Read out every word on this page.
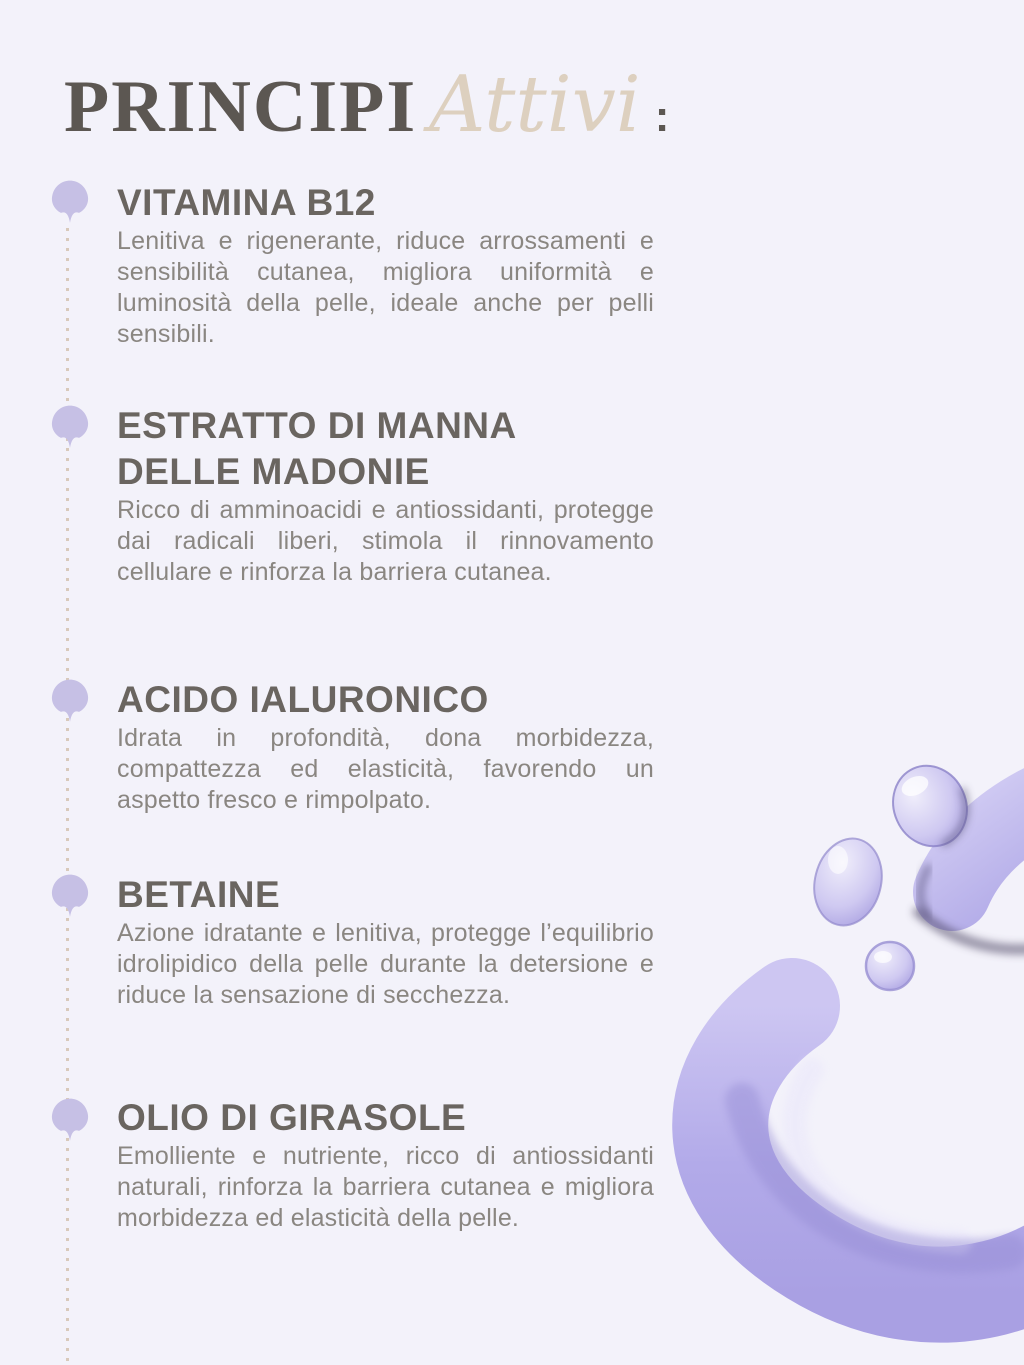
PRINCIPI Attivi :
VITAMINA B12

Lenitiva e rigenerante, riduce arrossamenti e sensibilità cutanea, migliora uniformità e luminosità della pelle, ideale anche per pelli sensibili.

ESTRATTO DI MANNA DELLE MADONIE

Ricco di amminoacidi e antiossidanti, protegge dai radicali liberi, stimola il rinnovamento cellulare e rinforza la barriera cutanea.

ACIDO IALURONICO

Idrata in profondità, dona morbidezza, compattezza ed elasticità, favorendo un aspetto fresco e rimpolpato.

BETAINE

Azione idratante e lenitiva, protegge l’equilibrio idrolipidico della pelle durante la detersione e riduce la sensazione di secchezza.

OLIO DI GIRASOLE

Emolliente e nutriente, ricco di antiossidanti naturali, rinforza la barriera cutanea e migliora morbidezza ed elasticità della pelle.
